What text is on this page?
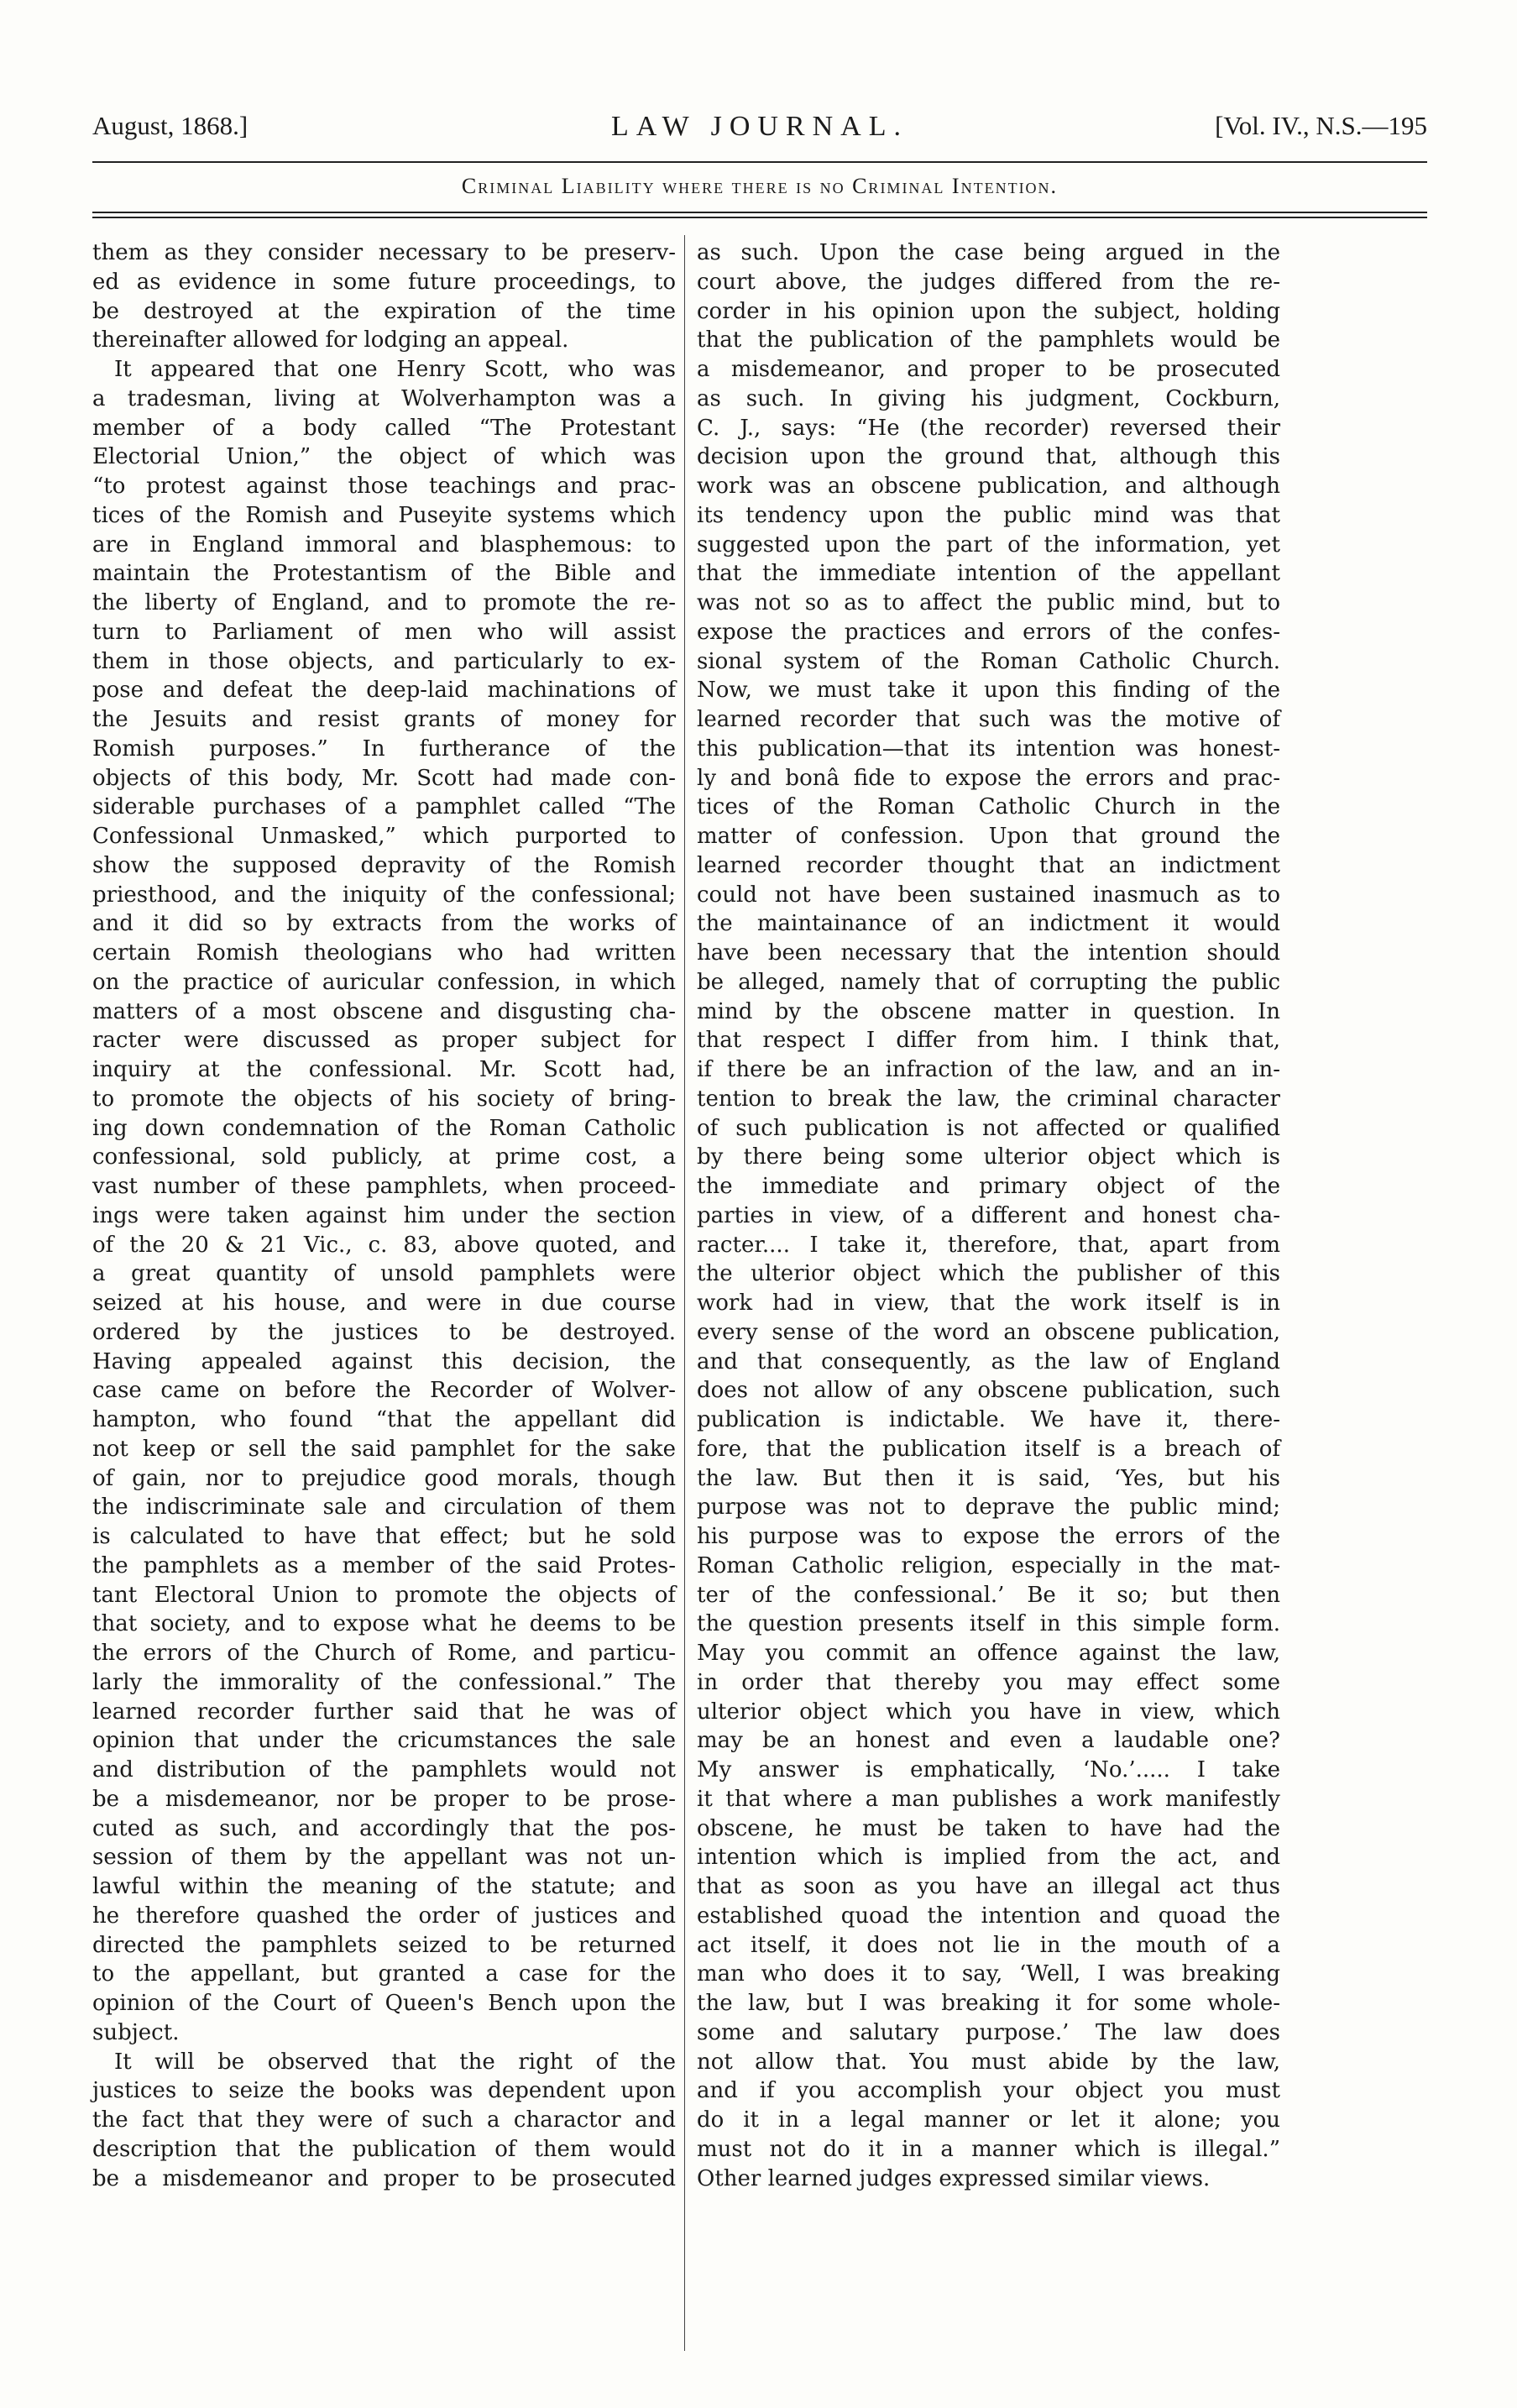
August, 1868.]	LAW JOURNAL.	[Vol. IV., N.S.—195
Criminal Liability where there is no Criminal Intention.
them as they consider necessary to be preserv-
ed as evidence in some future proceedings, to
be destroyed at the expiration of the time
thereinafter allowed for lodging an appeal.
It appeared that one Henry Scott, who was
a tradesman, living at Wolverhampton was a
member of a body called “The Protestant
Electorial Union,” the object of which was
“to protest against those teachings and prac-
tices of the Romish and Puseyite systems which
are in England immoral and blasphemous: to
maintain the Protestantism of the Bible and
the liberty of England, and to promote the re-
turn to Parliament of men who will assist
them in those objects, and particularly to ex-
pose and defeat the deep-laid machinations of
the Jesuits and resist grants of money for
Romish purposes.” In furtherance of the
objects of this body, Mr. Scott had made con-
siderable purchases of a pamphlet called “The
Confessional Unmasked,” which purported to
show the supposed depravity of the Romish
priesthood, and the iniquity of the confessional;
and it did so by extracts from the works of
certain Romish theologians who had written
on the practice of auricular confession, in which
matters of a most obscene and disgusting cha-
racter were discussed as proper subject for
inquiry at the confessional. Mr. Scott had,
to promote the objects of his society of bring-
ing down condemnation of the Roman Catholic
confessional, sold publicly, at prime cost, a
vast number of these pamphlets, when proceed-
ings were taken against him under the section
of the 20 & 21 Vic., c. 83, above quoted, and
a great quantity of unsold pamphlets were
seized at his house, and were in due course
ordered by the justices to be destroyed.
Having appealed against this decision, the
case came on before the Recorder of Wolver-
hampton, who found “that the appellant did
not keep or sell the said pamphlet for the sake
of gain, nor to prejudice good morals, though
the indiscriminate sale and circulation of them
is calculated to have that effect; but he sold
the pamphlets as a member of the said Protes-
tant Electoral Union to promote the objects of
that society, and to expose what he deems to be
the errors of the Church of Rome, and particu-
larly the immorality of the confessional.” The
learned recorder further said that he was of
opinion that under the cricumstances the sale
and distribution of the pamphlets would not
be a misdemeanor, nor be proper to be prose-
cuted as such, and accordingly that the pos-
session of them by the appellant was not un-
lawful within the meaning of the statute; and
he therefore quashed the order of justices and
directed the pamphlets seized to be returned
to the appellant, but granted a case for the
opinion of the Court of Queen's Bench upon the
subject.
It will be observed that the right of the
justices to seize the books was dependent upon
the fact that they were of such a charactor and
description that the publication of them would
be a misdemeanor and proper to be prosecuted
as such. Upon the case being argued in the
court above, the judges differed from the re-
corder in his opinion upon the subject, holding
that the publication of the pamphlets would be
a misdemeanor, and proper to be prosecuted
as such. In giving his judgment, Cockburn,
C. J., says: “He (the recorder) reversed their
decision upon the ground that, although this
work was an obscene publication, and although
its tendency upon the public mind was that
suggested upon the part of the information, yet
that the immediate intention of the appellant
was not so as to affect the public mind, but to
expose the practices and errors of the confes-
sional system of the Roman Catholic Church.
Now, we must take it upon this finding of the
learned recorder that such was the motive of
this publication—that its intention was honest-
ly and bonâ fide to expose the errors and prac-
tices of the Roman Catholic Church in the
matter of confession. Upon that ground the
learned recorder thought that an indictment
could not have been sustained inasmuch as to
the maintainance of an indictment it would
have been necessary that the intention should
be alleged, namely that of corrupting the public
mind by the obscene matter in question. In
that respect I differ from him. I think that,
if there be an infraction of the law, and an in-
tention to break the law, the criminal character
of such publication is not affected or qualified
by there being some ulterior object which is
the immediate and primary object of the
parties in view, of a different and honest cha-
racter.... I take it, therefore, that, apart from
the ulterior object which the publisher of this
work had in view, that the work itself is in
every sense of the word an obscene publication,
and that consequently, as the law of England
does not allow of any obscene publication, such
publication is indictable. We have it, there-
fore, that the publication itself is a breach of
the law. But then it is said, ‘Yes, but his
purpose was not to deprave the public mind;
his purpose was to expose the errors of the
Roman Catholic religion, especially in the mat-
ter of the confessional.’ Be it so; but then
the question presents itself in this simple form.
May you commit an offence against the law,
in order that thereby you may effect some
ulterior object which you have in view, which
may be an honest and even a laudable one?
My answer is emphatically, ‘No.’..... I take
it that where a man publishes a work manifestly
obscene, he must be taken to have had the
intention which is implied from the act, and
that as soon as you have an illegal act thus
established quoad the intention and quoad the
act itself, it does not lie in the mouth of a
man who does it to say, ‘Well, I was breaking
the law, but I was breaking it for some whole-
some and salutary purpose.’ The law does
not allow that. You must abide by the law,
and if you accomplish your object you must
do it in a legal manner or let it alone; you
must not do it in a manner which is illegal.”
Other learned judges expressed similar views.
